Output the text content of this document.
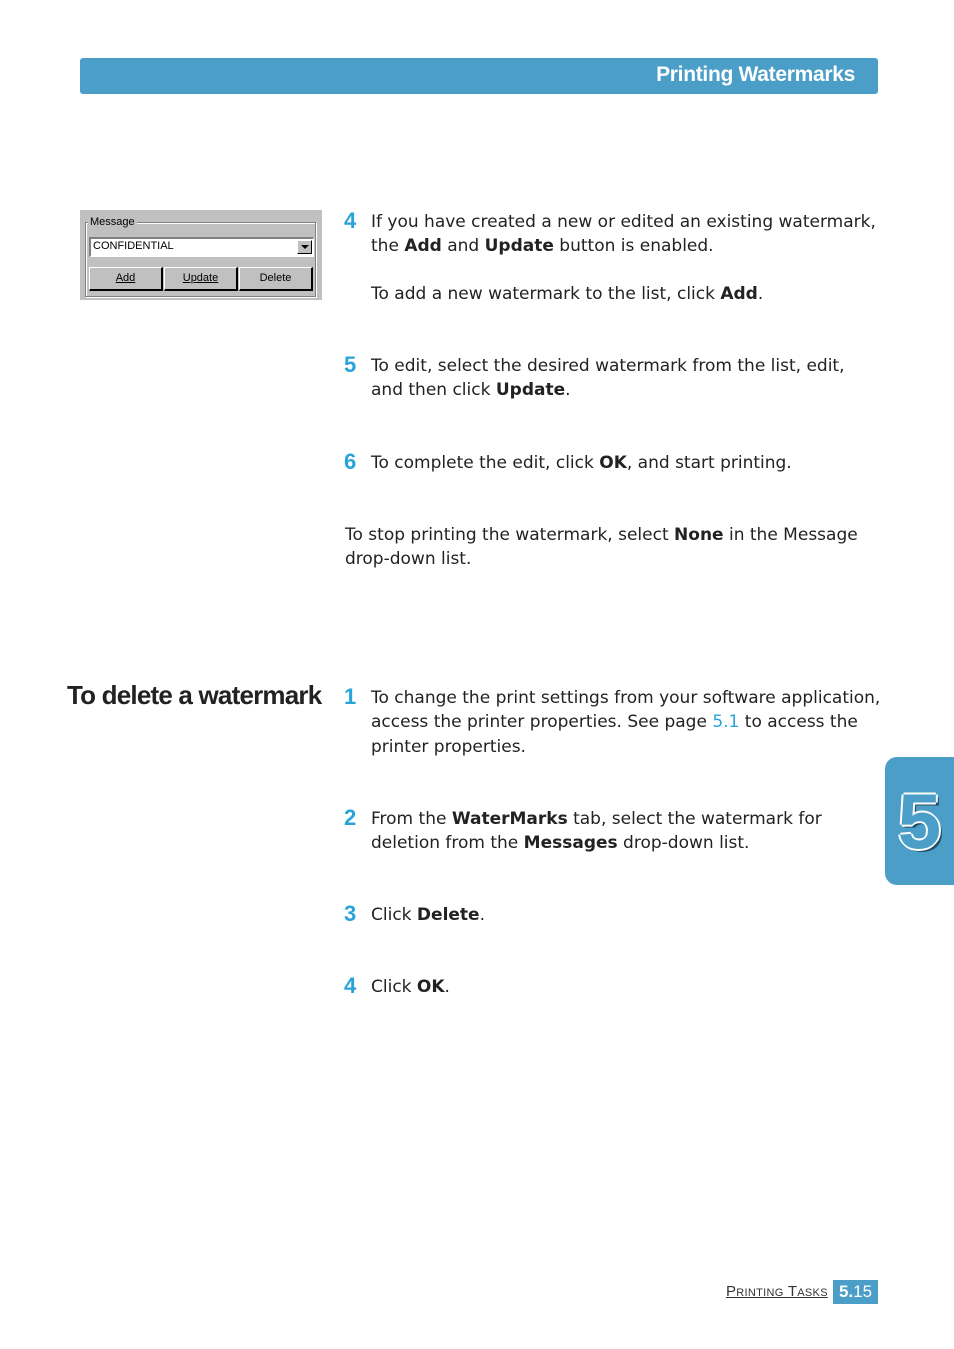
Printing Watermarks
Message
CONFIDENTIAL
Add	Update	Delete
4 If you have created a new or edited an existing watermark, the Add and Update button is enabled.
To add a new watermark to the list, click Add.
5 To edit, select the desired watermark from the list, edit, and then click Update.
6 To complete the edit, click OK, and start printing.
To stop printing the watermark, select None in the Message drop-down list.
To delete a watermark 1 To change the print settings from your software application, access the printer properties. See page 5.1 to access the printer properties.
2 From the WaterMarks tab, select the watermark for deletion from the Messages drop-down list.
3 Click Delete.
4 Click OK.
5
Printing Tasks 5.15
